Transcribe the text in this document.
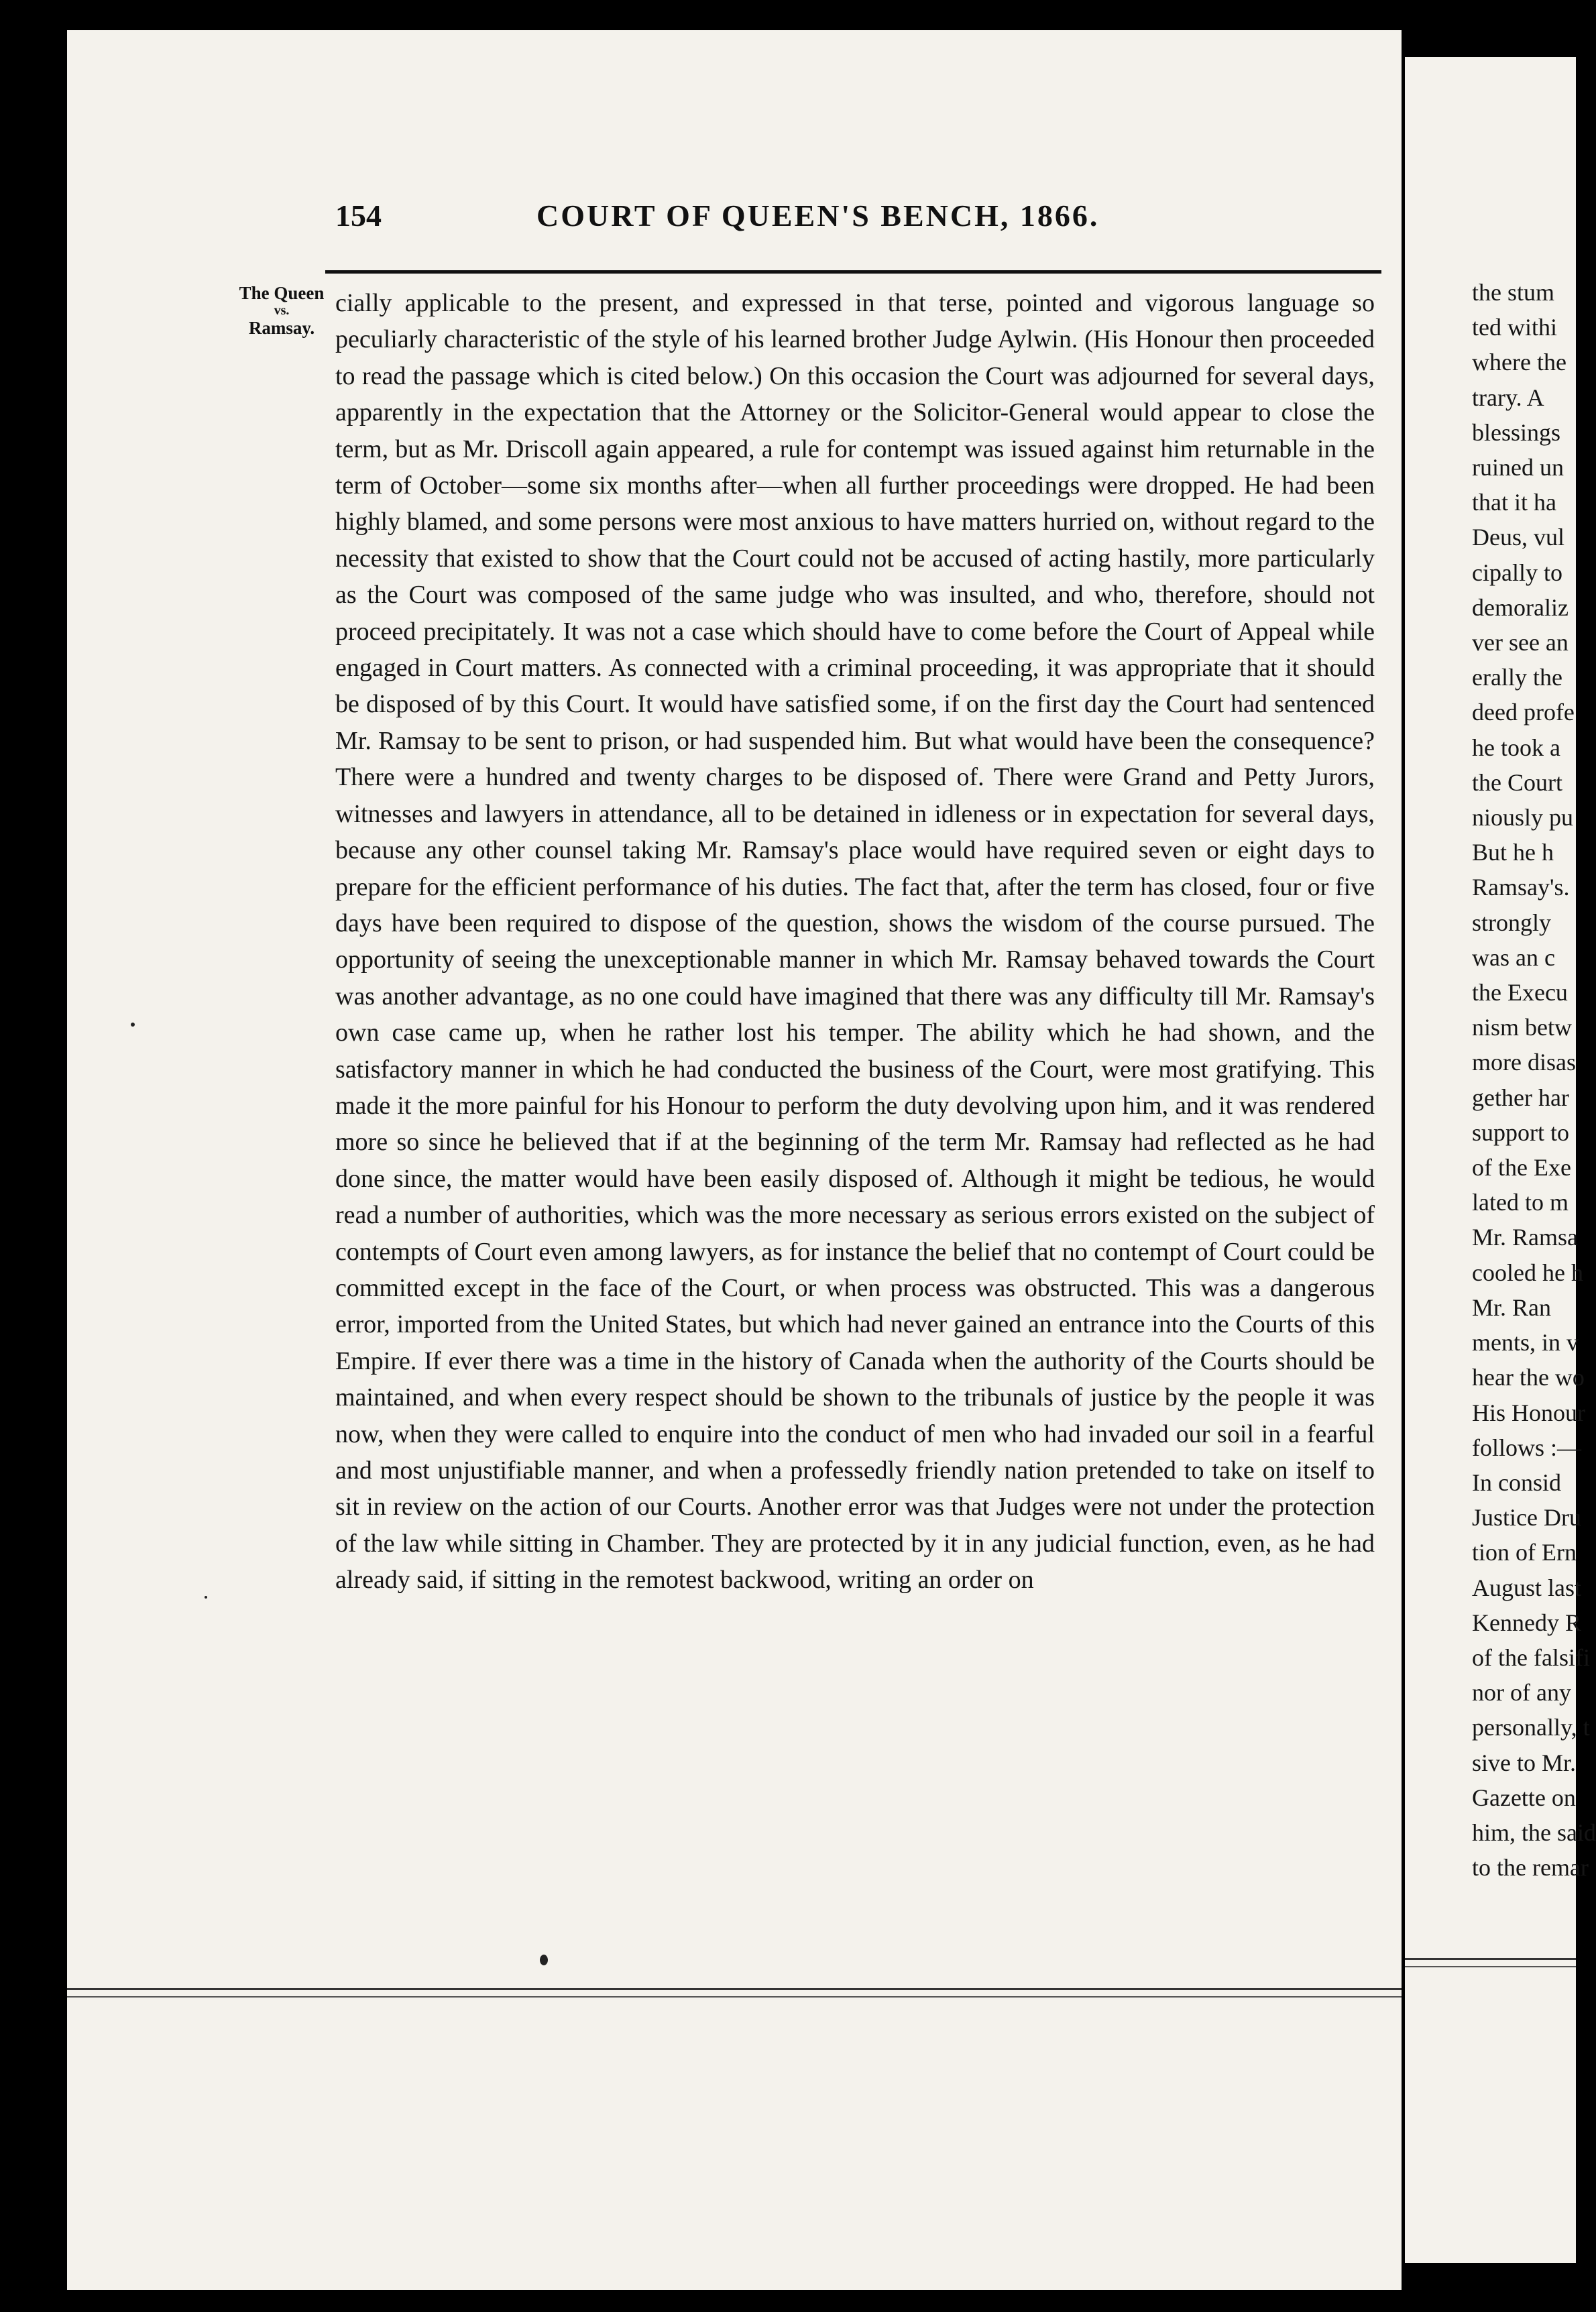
154	COURT OF QUEEN'S BENCH, 1866.
The Queen
vs.
Ramsay.

cially applicable to the present, and expressed in that terse, pointed and vigorous language so peculiarly characteristic of the style of his learned brother Judge Aylwin. (His Honour then proceeded to read the passage which is cited below.) On this occasion the Court was adjourned for several days, apparently in the expectation that the Attorney or the Solicitor-General would appear to close the term, but as Mr. Driscoll again appeared, a rule for contempt was issued against him returnable in the term of October—some six months after—when all further proceedings were dropped. He had been highly blamed, and some persons were most anxious to have matters hurried on, without regard to the necessity that existed to show that the Court could not be accused of acting hastily, more particularly as the Court was composed of the same judge who was insulted, and who, therefore, should not proceed precipitately. It was not a case which should have to come before the Court of Appeal while engaged in Court matters. As connected with a criminal proceeding, it was appropriate that it should be disposed of by this Court. It would have satisfied some, if on the first day the Court had sentenced Mr. Ramsay to be sent to prison, or had suspended him. But what would have been the consequence? There were a hundred and twenty charges to be disposed of. There were Grand and Petty Jurors, witnesses and lawyers in attendance, all to be detained in idleness or in expectation for several days, because any other counsel taking Mr. Ramsay's place would have required seven or eight days to prepare for the efficient performance of his duties. The fact that, after the term has closed, four or five days have been required to dispose of the question, shows the wisdom of the course pursued. The opportunity of seeing the unexceptionable manner in which Mr. Ramsay behaved towards the Court was another advantage, as no one could have imagined that there was any difficulty till Mr. Ramsay's own case came up, when he rather lost his temper. The ability which he had shown, and the satisfactory manner in which he had conducted the business of the Court, were most gratifying. This made it the more painful for his Honour to perform the duty devolving upon him, and it was rendered more so since he believed that if at the beginning of the term Mr. Ramsay had reflected as he had done since, the matter would have been easily disposed of. Although it might be tedious, he would read a number of authorities, which was the more necessary as serious errors existed on the subject of contempts of Court even among lawyers, as for instance the belief that no contempt of Court could be committed except in the face of the Court, or when process was obstructed. This was a dangerous error, imported from the United States, but which had never gained an entrance into the Courts of this Empire. If ever there was a time in the history of Canada when the authority of the Courts should be maintained, and when every respect should be shown to the tribunals of justice by the people it was now, when they were called to enquire into the conduct of men who had invaded our soil in a fearful and most unjustifiable manner, and when a professedly friendly nation pretended to take on itself to sit in review on the action of our Courts. Another error was that Judges were not under the protection of the law while sitting in Chamber. They are protected by it in any judicial function, even, as he had already said, if sitting in the remotest backwood, writing an order on

the stum
ted withi
where the
trary. A
blessings
ruined un
that it ha
Deus, vul
cipally to
demoraliz
ver see an
erally the
deed profe
he took a
the Court
niously pu
But he h
Ramsay's.
strongly
was an c
the Execu
nism betw
more disas
gether har
support to
of the Exe
lated to m
Mr. Ramsa
cooled he h
Mr. Ran
ments, in v
hear the wo
His Honour
follows :—
In consid
Justice Dru
tion of Ern
August last
Kennedy R
of the falsifi
nor of any
personally, t
sive to Mr.
Gazette on
him, the said
to the remar
